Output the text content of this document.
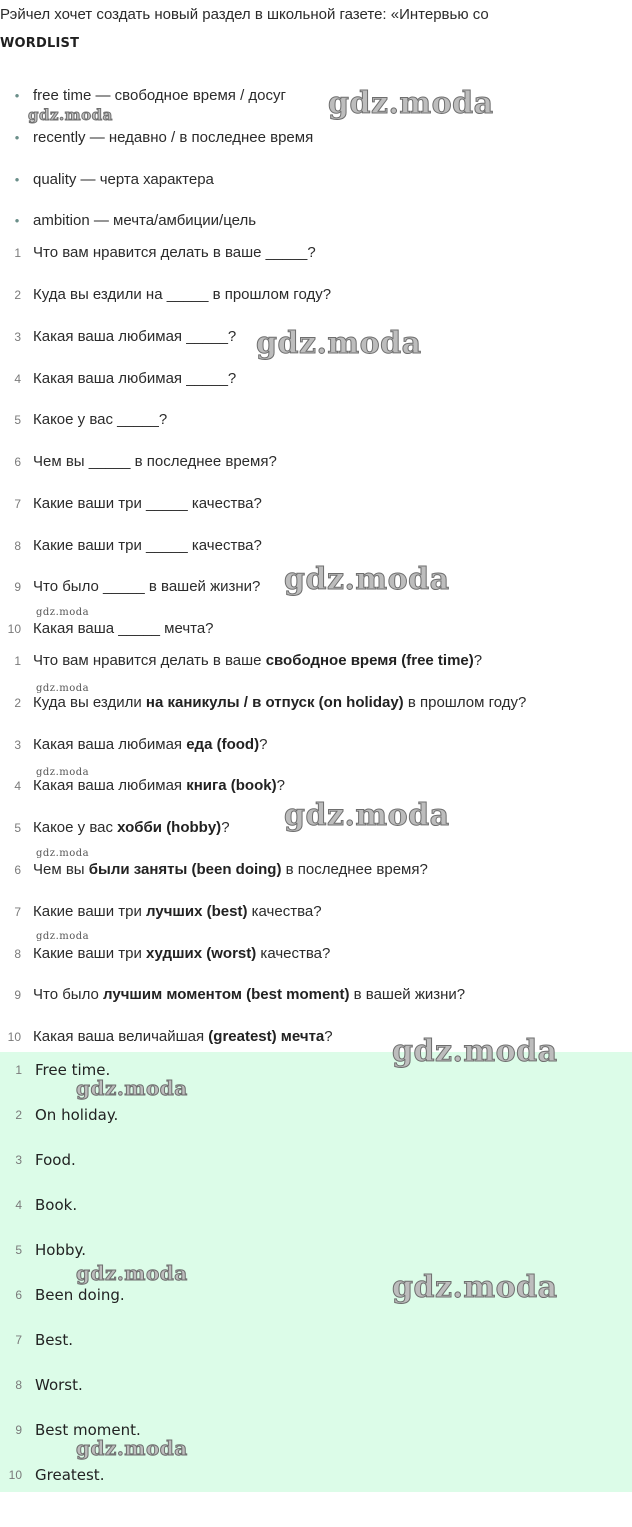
Рэйчел хочет создать новый раздел в школьной газете: «Интервью со
WORDLIST
• free time — свободное время / досуг
• recently — недавно / в последнее время
• quality — черта характера
• ambition — мечта/амбиции/цель
1 Что вам нравится делать в ваше _____?
2 Куда вы ездили на _____ в прошлом году?
3 Какая ваша любимая _____?
4 Какая ваша любимая _____?
5 Какое у вас _____?
6 Чем вы _____ в последнее время?
7 Какие ваши три _____ качества?
8 Какие ваши три _____ качества?
9 Что было _____ в вашей жизни?
10 Какая ваша _____ мечта?
1 Что вам нравится делать в ваше свободное время (free time)?
2 Куда вы ездили на каникулы / в отпуск (on holiday) в прошлом году?
3 Какая ваша любимая еда (food)?
4 Какая ваша любимая книга (book)?
5 Какое у вас хобби (hobby)?
6 Чем вы были заняты (been doing) в последнее время?
7 Какие ваши три лучших (best) качества?
8 Какие ваши три худших (worst) качества?
9 Что было лучшим моментом (best moment) в вашей жизни?
10 Какая ваша величайшая (greatest) мечта?
1 Free time.
2 On holiday.
3 Food.
4 Book.
5 Hobby.
6 Been doing.
7 Best.
8 Worst.
9 Best moment.
10 Greatest.
gdz.moda
gdz.moda
gdz.moda
gdz.moda
gdz.moda
gdz.moda
gdz.moda
gdz.moda
gdz.moda
gdz.moda
gdz.moda
gdz.moda
gdz.moda	gdz.moda
gdz.moda
